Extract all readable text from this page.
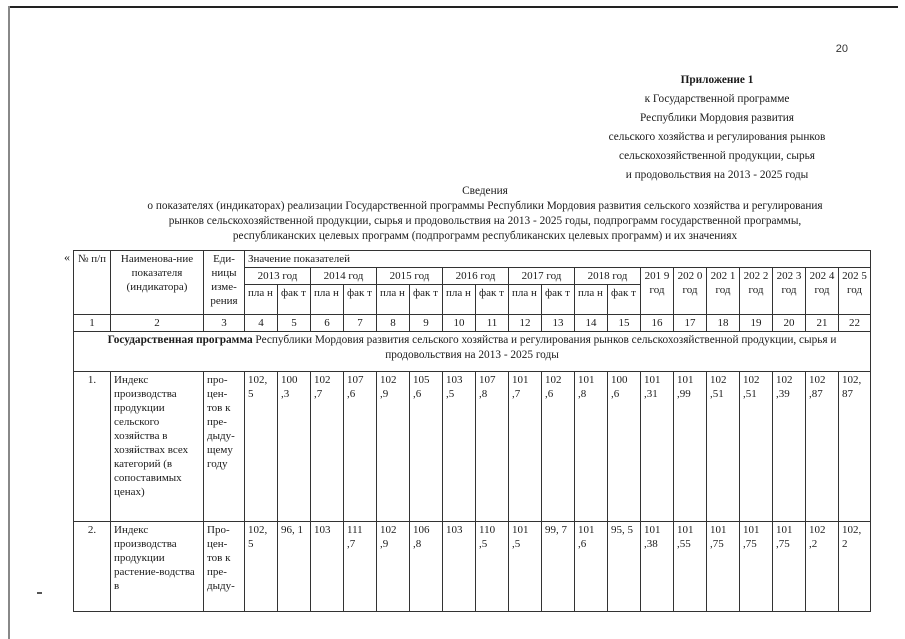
20
Приложение 1
к Государственной программе
Республики Мордовия развития
сельского хозяйства и регулирования рынков
сельскохозяйственной продукции, сырья
и продовольствия на 2013 - 2025 годы
Сведения
о показателях (индикаторах) реализации Государственной программы Республики Мордовия развития сельского хозяйства и регулирования
рынков сельскохозяйственной продукции, сырья и продовольствия на 2013 - 2025 годы, подпрограмм государственной программы,
республиканских целевых программ (подпрограмм республиканских целевых программ) и их значениях
« № п/п	Наименова-ние показателя (индикатора)	Еди-ницы изме-рения	Значение показателей																		
			2013 год		2014 год		2015 год		2016 год		2017 год		2018 год		201 9 год	202 0 год	202 1 год	202 2 год	202 3 год	202 4 год	202 5 год
			пла н	фак т	пла н	фак т	пла н	фак т	пла н	фак т	пла н	фак т	пла н	фак т							
1	2	3	4	5	6	7	8	9	10	11	12	13	14	15	16	17	18	19	20	21	22
Государственная программа Республики Мордовия развития сельского хозяйства и регулирования рынков сельскохозяйственной продукции, сырья и продовольствия на 2013 - 2025 годы																					
1.	Индекс производства продукции сельского хозяйства в хозяйствах всех категорий (в сопоставимых ценах)	про-цен-тов к пре-дыду-щему году	102, 5	100 ,3	102 ,7	107 ,6	102 ,9	105 ,6	103 ,5	107 ,8	101 ,7	102 ,6	101 ,8	100 ,6	101 ,31	101 ,99	102 ,51	102 ,51	102 ,39	102 ,87	102, 87
2.	Индекс производства продукции растение-водства в	Про-цен-тов к пре-дыду-	102, 5	96, 1	103	111 ,7	102 ,9	106 ,8	103	110 ,5	101 ,5	99, 7	101 ,6	95, 5	101 ,38	101 ,55	101 ,75	101 ,75	101 ,75	102 ,2	102, 2
